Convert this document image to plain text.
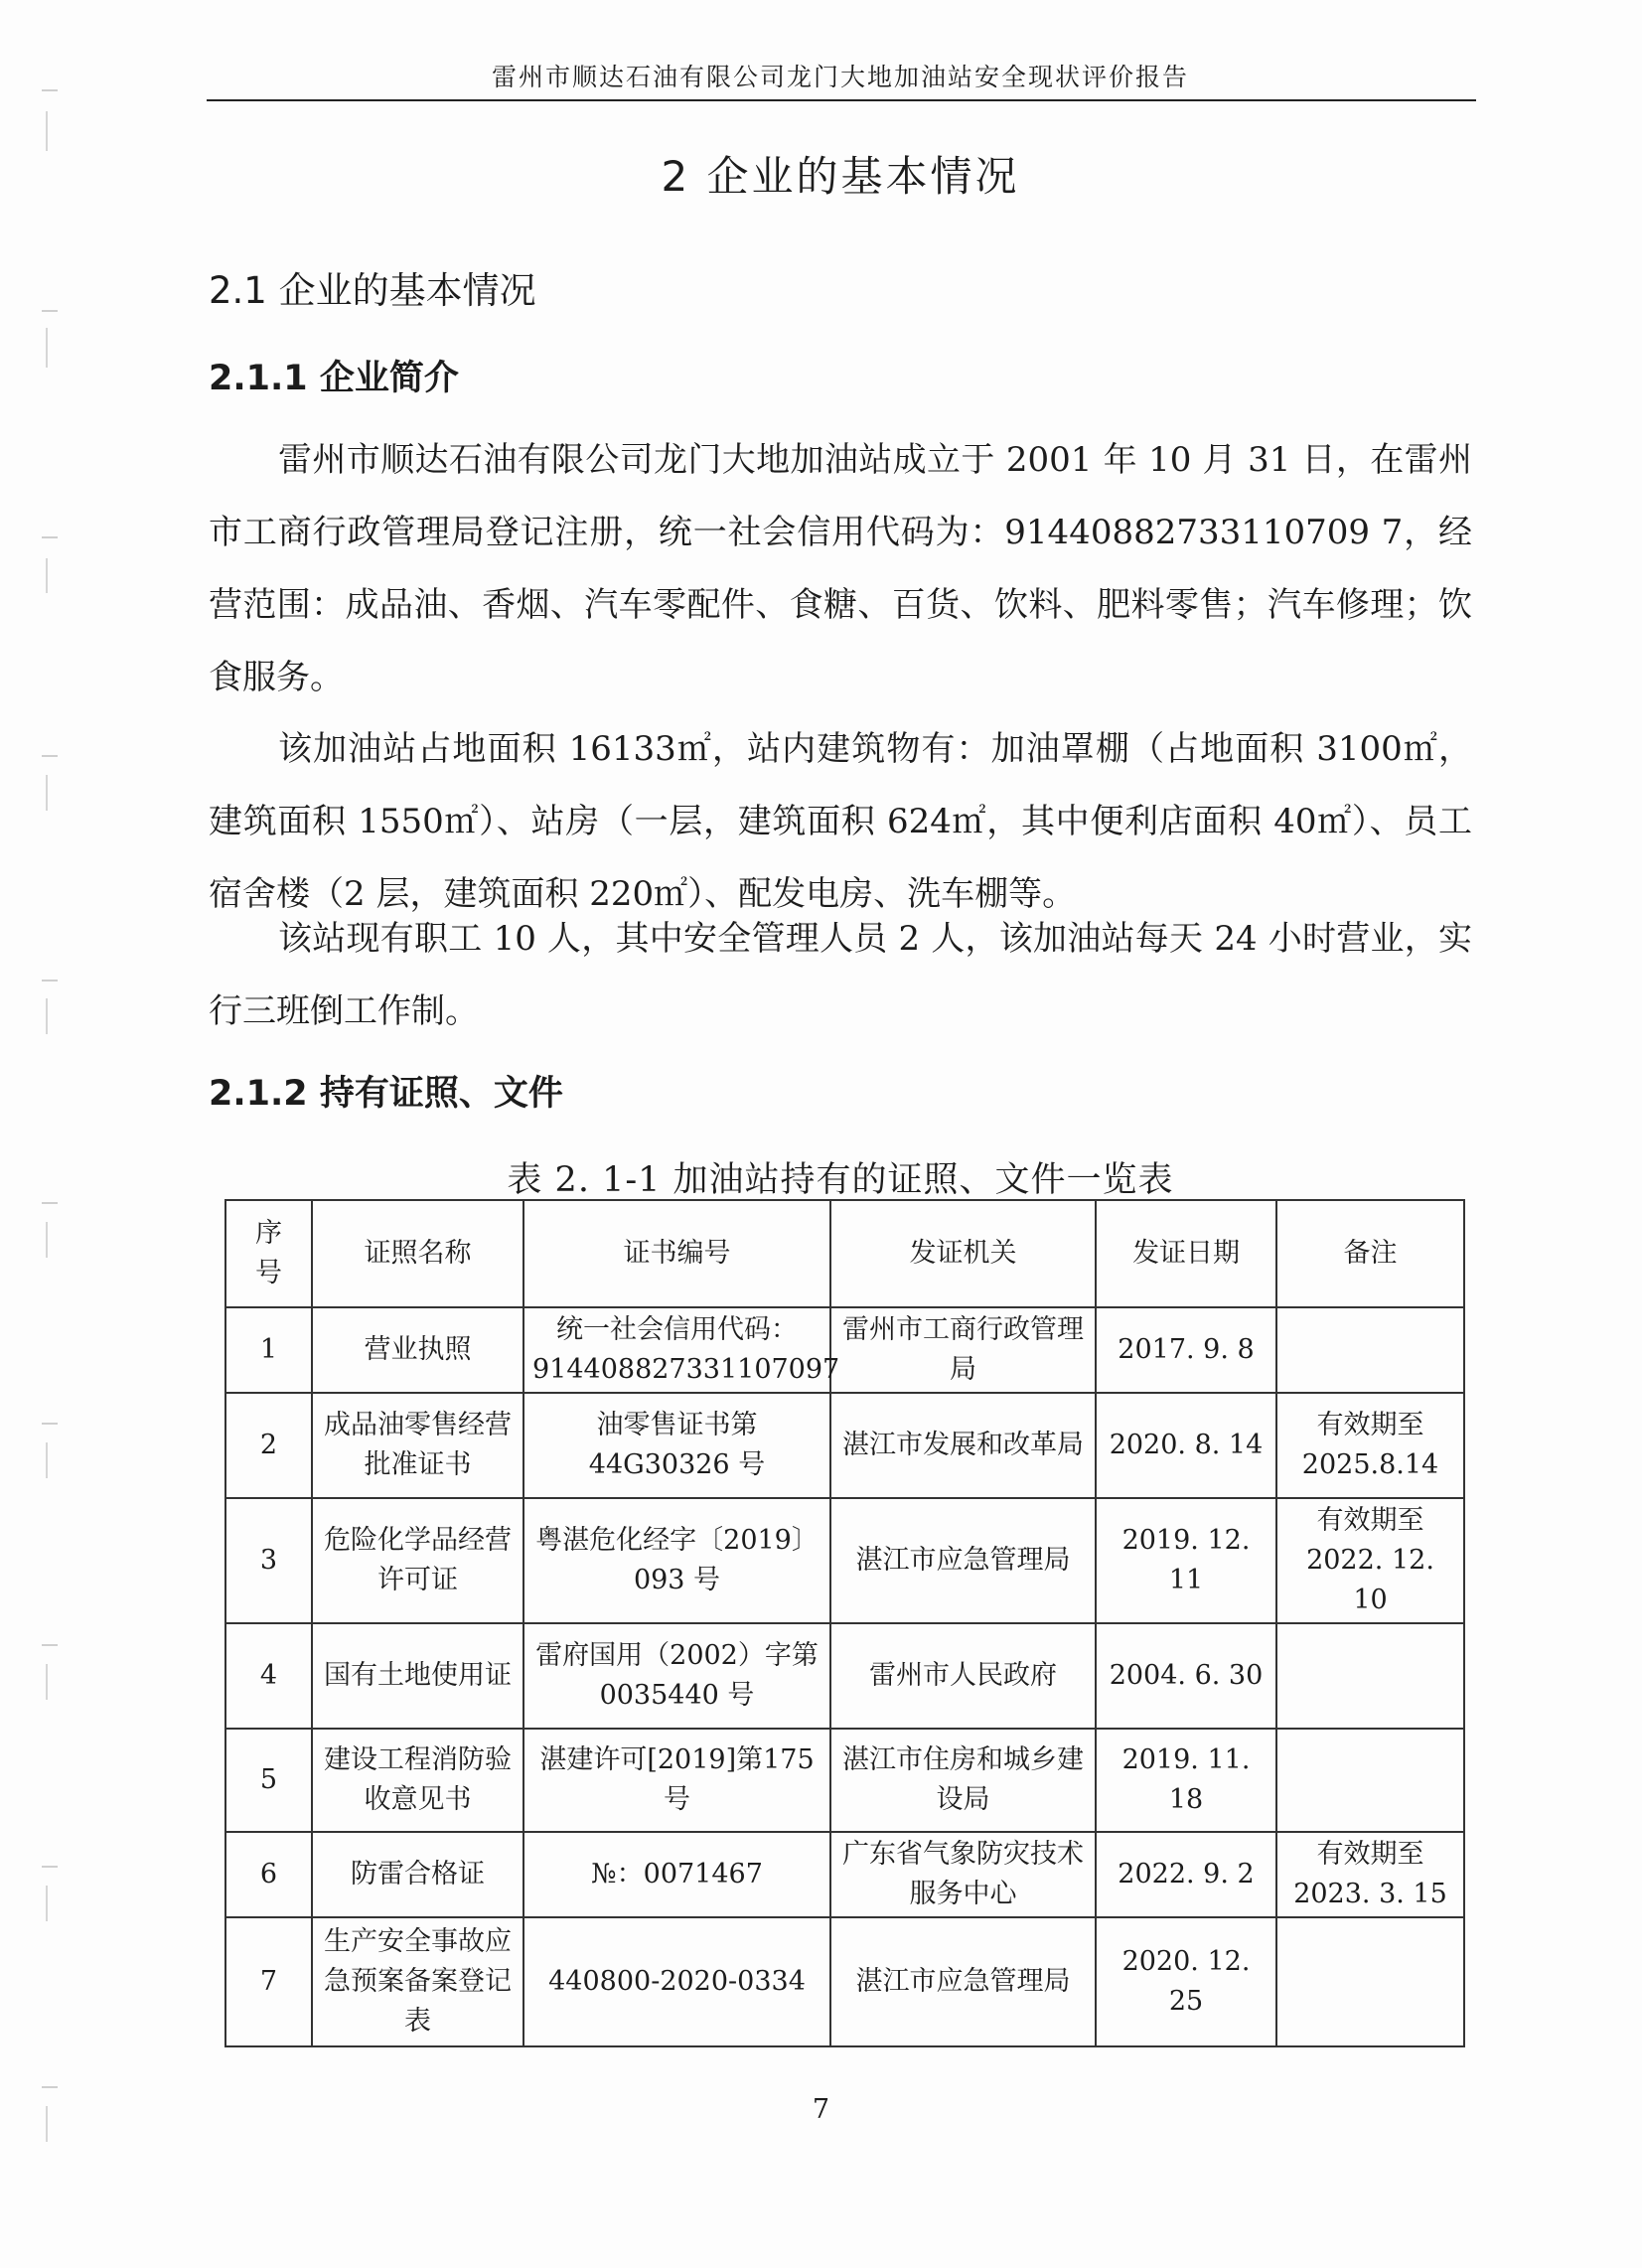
雷州市顺达石油有限公司龙门大地加油站安全现状评价报告
2 企业的基本情况
2.1 企业的基本情况
2.1.1 企业简介

雷州市顺达石油有限公司龙门大地加油站成立于 2001 年 10 月 31 日，在雷州市工商行政管理局登记注册，统一社会信用代码为：91440882733110709 7，经营范围：成品油、香烟、汽车零配件、食糖、百货、饮料、肥料零售；汽车修理；饮食服务。

该加油站占地面积 16133㎡，站内建筑物有：加油罩棚（占地面积 3100㎡，建筑面积 1550㎡）、站房（一层，建筑面积 624㎡，其中便利店面积 40㎡）、员工宿舍楼（2 层，建筑面积 220㎡）、配发电房、洗车棚等。

该站现有职工 10 人，其中安全管理人员 2 人，该加油站每天 24 小时营业，实行三班倒工作制。

2.1.2 持有证照、文件
表 2. 1-1 加油站持有的证照、文件一览表
序号	证照名称	证书编号	发证机关	发证日期	备注
1	营业执照	统一社会信用代码：914408827331107097	雷州市工商行政管理局	2017. 9. 8	
2	成品油零售经营批准证书	油零售证书第 44G30326 号	湛江市发展和改革局	2020. 8. 14	有效期至 2025.8.14
3	危险化学品经营许可证	粤湛危化经字〔2019〕093 号	湛江市应急管理局	2019. 12. 11	有效期至 2022. 12. 10
4	国有土地使用证	雷府国用（2002）字第 0035440 号	雷州市人民政府	2004. 6. 30	
5	建设工程消防验收意见书	湛建许可[2019]第175号	湛江市住房和城乡建设局	2019. 11. 18	
6	防雷合格证	№：0071467	广东省气象防灾技术服务中心	2022. 9. 2	有效期至 2023. 3. 15
7	生产安全事故应急预案备案登记表	440800-2020-0334	湛江市应急管理局	2020. 12. 25	
7
